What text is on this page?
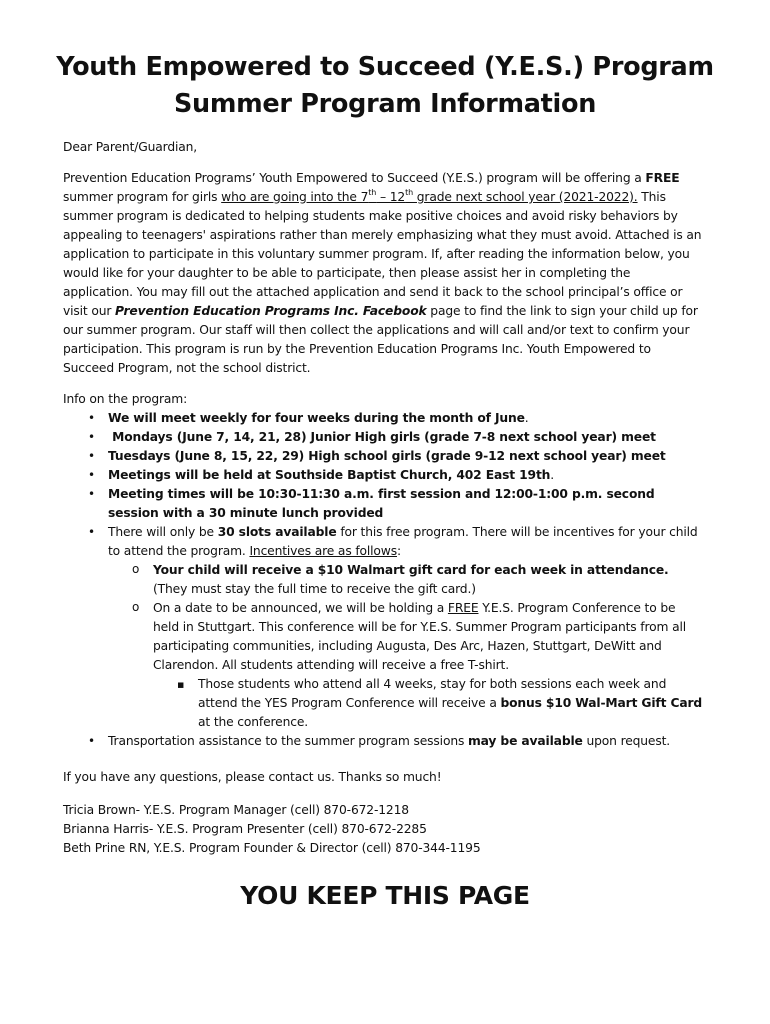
Youth Empowered to Succeed (Y.E.S.) Program
Summer Program Information
Dear Parent/Guardian,

Prevention Education Programs’ Youth Empowered to Succeed (Y.E.S.) program will be offering a FREE summer program for girls who are going into the 7th – 12th grade next school year (2021-2022). This summer program is dedicated to helping students make positive choices and avoid risky behaviors by appealing to teenagers' aspirations rather than merely emphasizing what they must avoid. Attached is an application to participate in this voluntary summer program. If, after reading the information below, you would like for your daughter to be able to participate, then please assist her in completing the application. You may fill out the attached application and send it back to the school principal’s office or visit our Prevention Education Programs Inc. Facebook page to find the link to sign your child up for our summer program. Our staff will then collect the applications and will call and/or text to confirm your participation. This program is run by the Prevention Education Programs Inc. Youth Empowered to Succeed Program, not the school district.

Info on the program:
• We will meet weekly for four weeks during the month of June.
• Mondays (June 7, 14, 21, 28) Junior High girls (grade 7-8 next school year) meet
• Tuesdays (June 8, 15, 22, 29) High school girls (grade 9-12 next school year) meet
• Meetings will be held at Southside Baptist Church, 402 East 19th.
• Meeting times will be 10:30-11:30 a.m. first session and 12:00-1:00 p.m. second session with a 30 minute lunch provided
• There will only be 30 slots available for this free program. There will be incentives for your child to attend the program. Incentives are as follows:
o Your child will receive a $10 Walmart gift card for each week in attendance. (They must stay the full time to receive the gift card.)
o On a date to be announced, we will be holding a FREE Y.E.S. Program Conference to be held in Stuttgart. This conference will be for Y.E.S. Summer Program participants from all participating communities, including Augusta, Des Arc, Hazen, Stuttgart, DeWitt and Clarendon. All students attending will receive a free T-shirt.
▪ Those students who attend all 4 weeks, stay for both sessions each week and attend the YES Program Conference will receive a bonus $10 Wal-Mart Gift Card at the conference.
• Transportation assistance to the summer program sessions may be available upon request.
If you have any questions, please contact us. Thanks so much!
Tricia Brown- Y.E.S. Program Manager (cell) 870-672-1218
Brianna Harris- Y.E.S. Program Presenter (cell) 870-672-2285
Beth Prine RN, Y.E.S. Program Founder & Director (cell) 870-344-1195
YOU KEEP THIS PAGE
